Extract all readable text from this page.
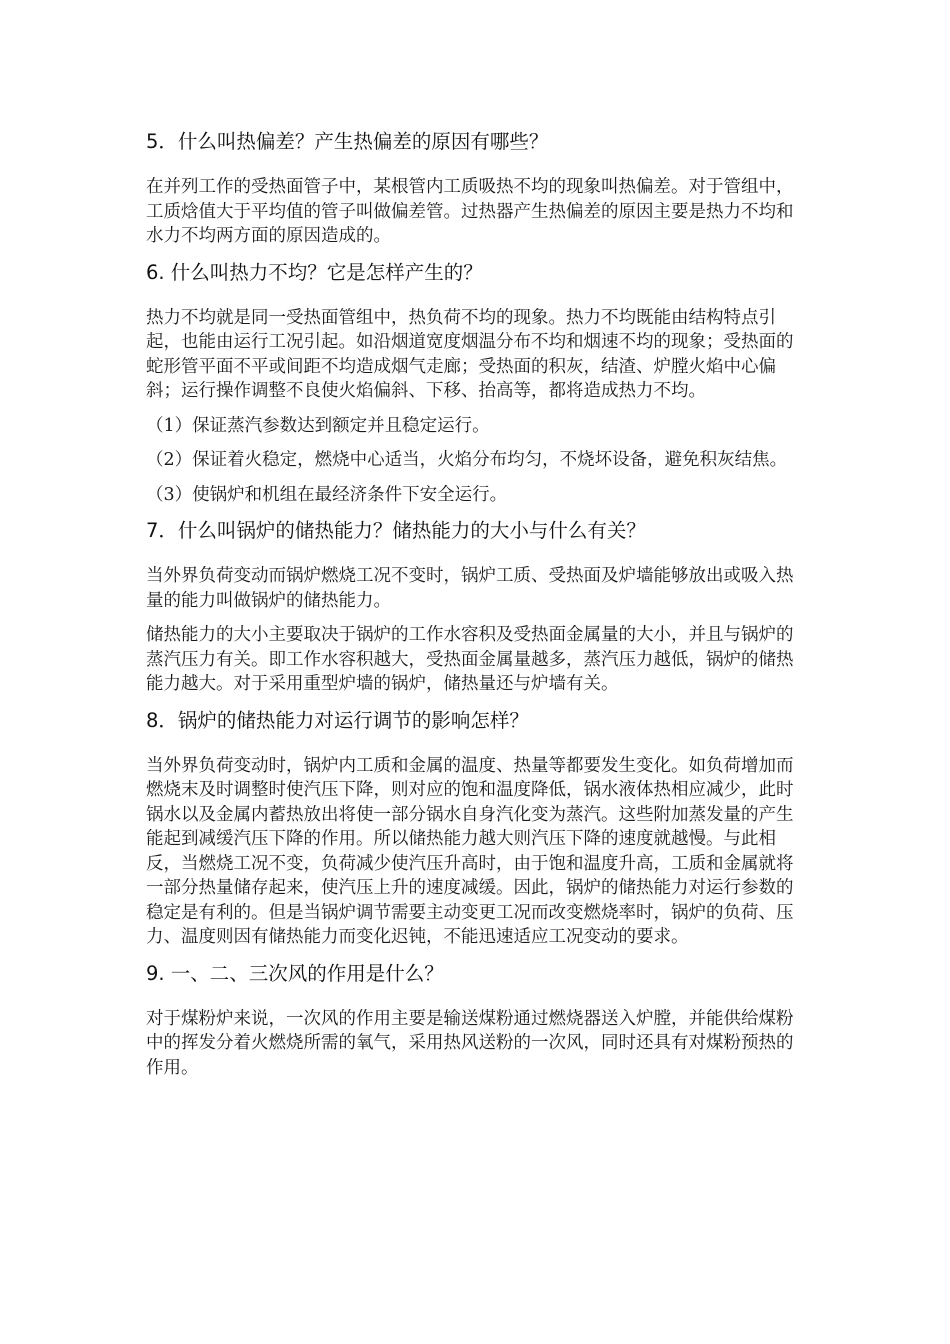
5．什么叫热偏差？产生热偏差的原因有哪些？
在并列工作的受热面管子中，某根管内工质吸热不均的现象叫热偏差。对于管组中，工质焓值大于平均值的管子叫做偏差管。过热器产生热偏差的原因主要是热力不均和水力不均两方面的原因造成的。
6. 什么叫热力不均？它是怎样产生的？
热力不均就是同一受热面管组中，热负荷不均的现象。热力不均既能由结构特点引起，也能由运行工况引起。如沿烟道宽度烟温分布不均和烟速不均的现象；受热面的蛇形管平面不平或间距不均造成烟气走廊；受热面的积灰，结渣、炉膛火焰中心偏斜；运行操作调整不良使火焰偏斜、下移、抬高等，都将造成热力不均。
（1）保证蒸汽参数达到额定并且稳定运行。
（2）保证着火稳定，燃烧中心适当，火焰分布均匀，不烧坏设备，避免积灰结焦。
（3）使锅炉和机组在最经济条件下安全运行。
7．什么叫锅炉的储热能力？储热能力的大小与什么有关？
当外界负荷变动而锅炉燃烧工况不变时，锅炉工质、受热面及炉墙能够放出或吸入热量的能力叫做锅炉的储热能力。
储热能力的大小主要取决于锅炉的工作水容积及受热面金属量的大小，并且与锅炉的蒸汽压力有关。即工作水容积越大，受热面金属量越多，蒸汽压力越低，锅炉的储热能力越大。对于采用重型炉墙的锅炉，储热量还与炉墙有关。
8．锅炉的储热能力对运行调节的影响怎样？
当外界负荷变动时，锅炉内工质和金属的温度、热量等都要发生变化。如负荷增加而燃烧末及时调整时使汽压下降，则对应的饱和温度降低，锅水液体热相应减少，此时锅水以及金属内蓄热放出将使一部分锅水自身汽化变为蒸汽。这些附加蒸发量的产生能起到减缓汽压下降的作用。所以储热能力越大则汽压下降的速度就越慢。与此相反，当燃烧工况不变，负荷减少使汽压升高时，由于饱和温度升高，工质和金属就将一部分热量储存起来，使汽压上升的速度减缓。因此，锅炉的储热能力对运行参数的稳定是有利的。但是当锅炉调节需要主动变更工况而改变燃烧率时，锅炉的负荷、压力、温度则因有储热能力而变化迟钝，不能迅速适应工况变动的要求。
9. 一、二、三次风的作用是什么？
对于煤粉炉来说，一次风的作用主要是输送煤粉通过燃烧器送入炉膛，并能供给煤粉中的挥发分着火燃烧所需的氧气，采用热风送粉的一次风，同时还具有对煤粉预热的作用。
